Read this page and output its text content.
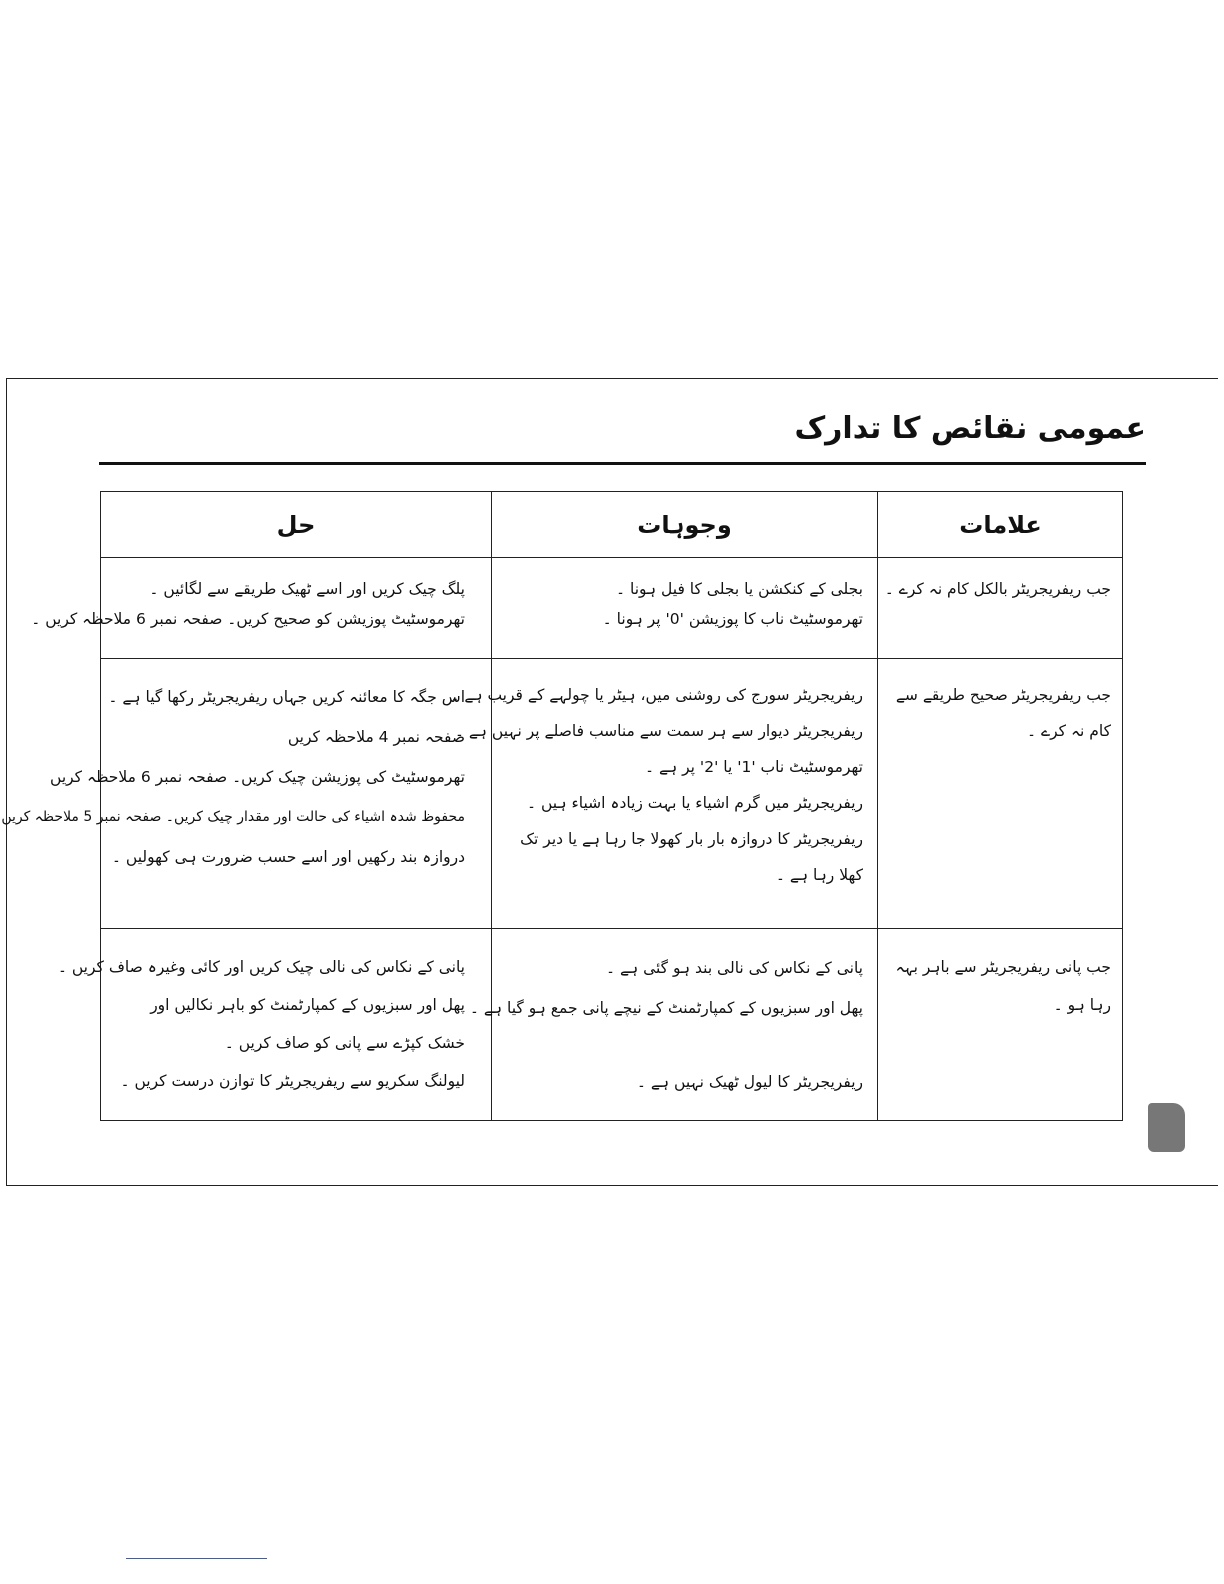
عمومی نقائص کا تدارک
علامات
وجوہات
حل
جب ریفریجریٹر بالکل کام نہ کرے ۔
بجلی کے کنکشن یا بجلی کا فیل ہونا ۔
تھرموسٹیٹ ناب کا پوزیشن '0' پر ہونا ۔
پلگ چیک کریں اور اسے ٹھیک طریقے سے لگائیں ۔
تھرموسٹیٹ پوزیشن کو صحیح کریں۔ صفحہ نمبر 6 ملاحظہ کریں ۔
جب ریفریجریٹر صحیح طریقے سے
کام نہ کرے ۔
ریفریجریٹر سورج کی روشنی میں، ہیٹر یا چولہے کے قریب ہے ۔
ریفریجریٹر دیوار سے ہر سمت سے مناسب فاصلے پر نہیں ہے ۔
تھرموسٹیٹ ناب '1' یا '2' پر ہے ۔
ریفریجریٹر میں گرم اشیاء یا بہت زیادہ اشیاء ہیں ۔
ریفریجریٹر کا دروازہ بار بار کھولا جا رہا ہے یا دیر تک
کھلا رہا ہے ۔
اس جگہ کا معائنہ کریں جہاں ریفریجریٹر رکھا گیا ہے ۔
صفحہ نمبر 4 ملاحظہ کریں
تھرموسٹیٹ کی پوزیشن چیک کریں۔ صفحہ نمبر 6 ملاحظہ کریں
محفوظ شدہ اشیاء کی حالت اور مقدار چیک کریں۔ صفحہ نمبر 5 ملاحظہ کریں
دروازہ بند رکھیں اور اسے حسب ضرورت ہی کھولیں ۔
جب پانی ریفریجریٹر سے باہر بہہ
رہا ہو ۔
پانی کے نکاس کی نالی بند ہو گئی ہے ۔
پھل اور سبزیوں کے کمپارٹمنٹ کے نیچے پانی جمع ہو گیا ہے ۔
ریفریجریٹر کا لیول ٹھیک نہیں ہے ۔
پانی کے نکاس کی نالی چیک کریں اور کائی وغیرہ صاف کریں ۔
پھل اور سبزیوں کے کمپارٹمنٹ کو باہر نکالیں اور
خشک کپڑے سے پانی کو صاف کریں ۔
لیولنگ سکریو سے ریفریجریٹر کا توازن درست کریں ۔
